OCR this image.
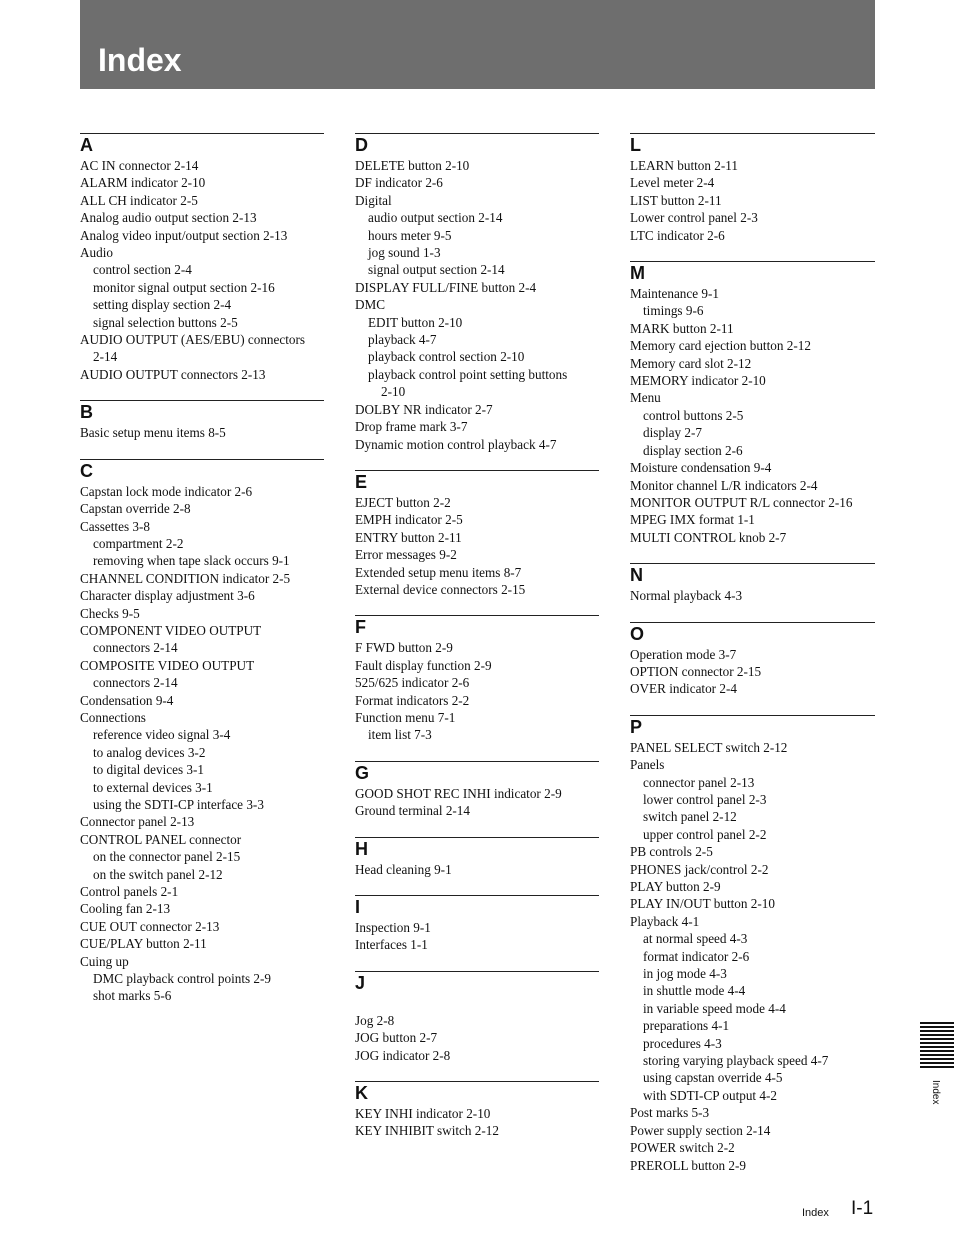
Index
A
AC IN connector 2-14
ALARM indicator 2-10
ALL CH indicator 2-5
Analog audio output section 2-13
Analog video input/output section 2-13
Audio
control section 2-4
monitor signal output section 2-16
setting display section 2-4
signal selection buttons 2-5
AUDIO OUTPUT (AES/EBU) connectors
2-14
AUDIO OUTPUT connectors 2-13
B
Basic setup menu items 8-5
C
Capstan lock mode indicator 2-6
Capstan override 2-8
Cassettes 3-8
compartment 2-2
removing when tape slack occurs 9-1
CHANNEL CONDITION indicator 2-5
Character display adjustment 3-6
Checks 9-5
COMPONENT VIDEO OUTPUT
connectors 2-14
COMPOSITE VIDEO OUTPUT
connectors 2-14
Condensation 9-4
Connections
reference video signal 3-4
to analog devices 3-2
to digital devices 3-1
to external devices 3-1
using the SDTI-CP interface 3-3
Connector panel 2-13
CONTROL PANEL connector
on the connector panel 2-15
on the switch panel 2-12
Control panels 2-1
Cooling fan 2-13
CUE OUT connector 2-13
CUE/PLAY button 2-11
Cuing up
DMC playback control points 2-9
shot marks 5-6
D
DELETE button 2-10
DF indicator 2-6
Digital
audio output section 2-14
hours meter 9-5
jog sound 1-3
signal output section 2-14
DISPLAY FULL/FINE button 2-4
DMC
EDIT button 2-10
playback 4-7
playback control section 2-10
playback control point setting buttons
2-10
DOLBY NR indicator 2-7
Drop frame mark 3-7
Dynamic motion control playback 4-7
E
EJECT button 2-2
EMPH indicator 2-5
ENTRY button 2-11
Error messages 9-2
Extended setup menu items 8-7
External device connectors 2-15
F
F FWD button 2-9
Fault display function 2-9
525/625 indicator 2-6
Format indicators 2-2
Function menu 7-1
item list 7-3
G
GOOD SHOT REC INHI indicator 2-9
Ground terminal 2-14
H
Head cleaning 9-1
I
Inspection 9-1
Interfaces 1-1
J
Jog 2-8
JOG button 2-7
JOG indicator 2-8
K
KEY INHI indicator 2-10
KEY INHIBIT switch 2-12
L
LEARN button 2-11
Level meter 2-4
LIST button 2-11
Lower control panel 2-3
LTC indicator 2-6
M
Maintenance 9-1
timings 9-6
MARK button 2-11
Memory card ejection button 2-12
Memory card slot 2-12
MEMORY indicator 2-10
Menu
control buttons 2-5
display 2-7
display section 2-6
Moisture condensation 9-4
Monitor channel L/R indicators 2-4
MONITOR OUTPUT R/L connector 2-16
MPEG IMX format 1-1
MULTI CONTROL knob 2-7
N
Normal playback 4-3
O
Operation mode 3-7
OPTION connector 2-15
OVER indicator 2-4
P
PANEL SELECT switch 2-12
Panels
connector panel 2-13
lower control panel 2-3
switch panel 2-12
upper control panel 2-2
PB controls 2-5
PHONES jack/control 2-2
PLAY button 2-9
PLAY IN/OUT button 2-10
Playback 4-1
at normal speed 4-3
format indicator 2-6
in jog mode 4-3
in shuttle mode 4-4
in variable speed mode 4-4
preparations 4-1
procedures 4-3
storing varying playback speed 4-7
using capstan override 4-5
with SDTI-CP output 4-2
Post marks 5-3
Power supply section 2-14
POWER switch 2-2
PREROLL button 2-9
Index
Index I-1
